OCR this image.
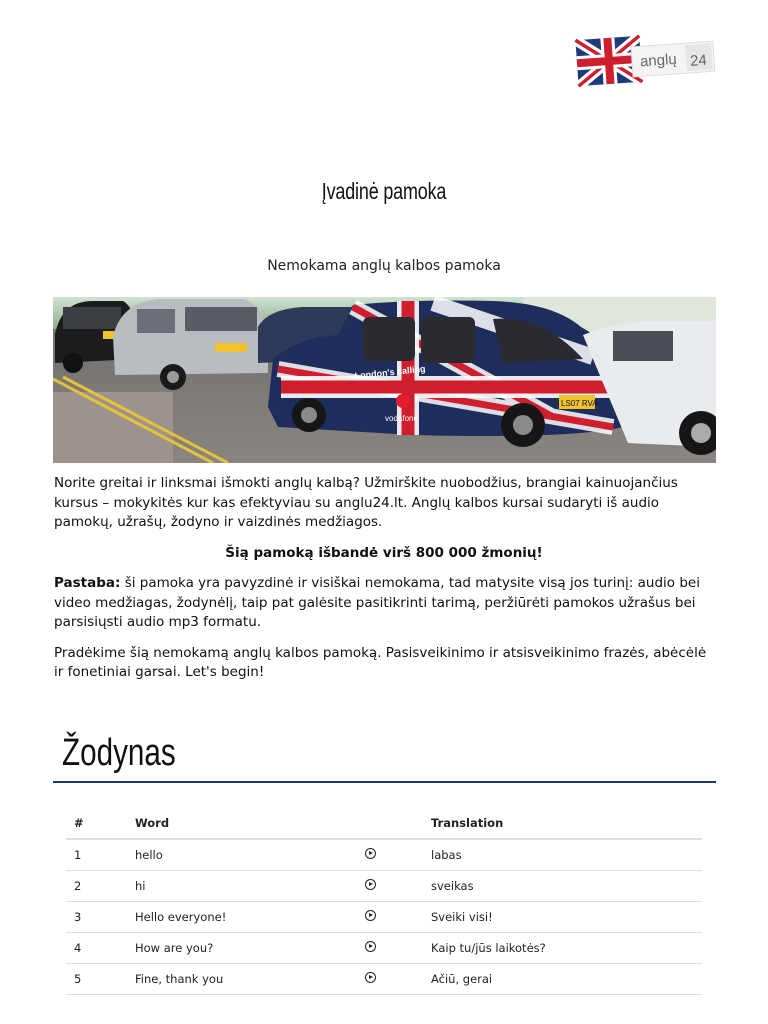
anglų 24
Įvadinė pamoka

Nemokama anglų kalbos pamoka

London's calling
vodafone
LS07 RVA

Norite greitai ir linksmai išmokti anglų kalbą? Užmirškite nuobodžius, brangiai kainuojančius kursus – mokykitės kur kas efektyviau su anglu24.lt. Anglų kalbos kursai sudaryti iš audio pamokų, užrašų, žodyno ir vaizdinės medžiagos.

Šią pamoką išbandė virš 800 000 žmonių!

Pastaba: ši pamoka yra pavyzdinė ir visiškai nemokama, tad matysite visą jos turinį: audio bei video medžiagas, žodynėlį, taip pat galėsite pasitikrinti tarimą, peržiūrėti pamokos užrašus bei parsisiųsti audio mp3 formatu.

Pradėkime šią nemokamą anglų kalbos pamoką. Pasisveikinimo ir atsisveikinimo frazės, abėcėlė ir fonetiniai garsai. Let's begin!

Žodynas
#	Word		Translation
1	hello		labas
2	hi		sveikas
3	Hello everyone!		Sveiki visi!
4	How are you?		Kaip tu/jūs laikotės?
5	Fine, thank you		Ačiū, gerai
